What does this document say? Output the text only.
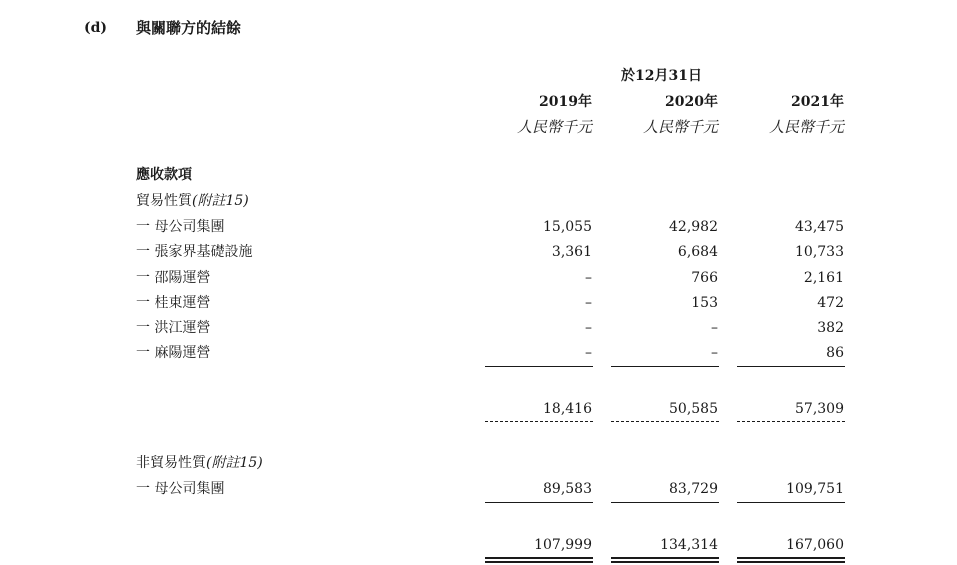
(d) 與關聯方的結餘
於12月31日
2019年	2020年	2021年
人民幣千元	人民幣千元	人民幣千元
應收款項
貿易性質(附註15)
一 母公司集團	15,055	42,982	43,475
一 張家界基礎設施	3,361	6,684	10,733
一 邵陽運營	–	766	2,161
一 桂東運營	–	153	472
一 洪江運營	–	–	382
一 麻陽運營	–	–	86
18,416	50,585	57,309
非貿易性質(附註15)
一 母公司集團	89,583	83,729	109,751
107,999	134,314	167,060
